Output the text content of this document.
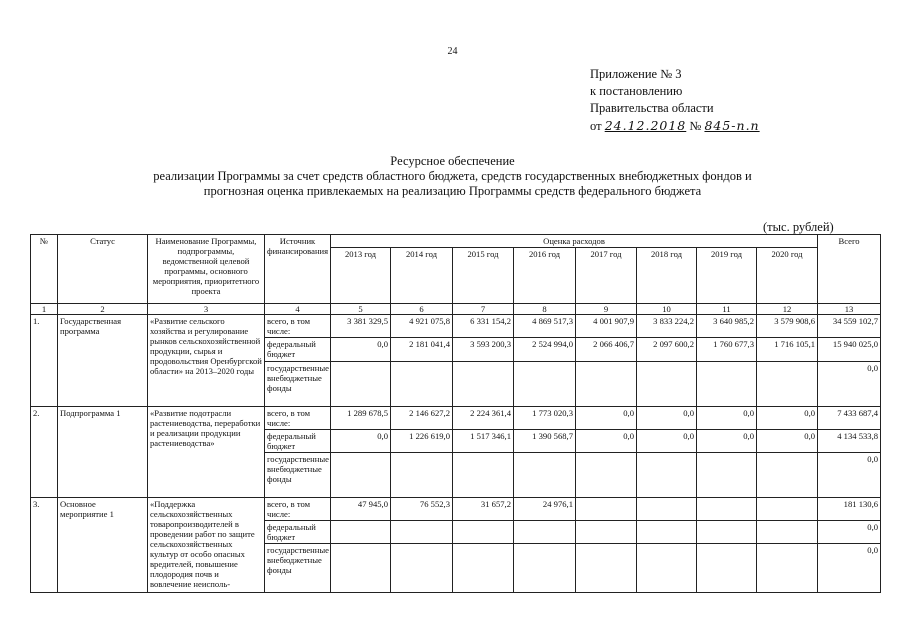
24
Приложение № 3
к постановлению
Правительства области
от 24.12.2018 № 845-п.п
Ресурсное обеспечение
реализации Программы за счет средств областного бюджета, средств государственных внебюджетных фондов и
прогнозная оценка привлекаемых на реализацию Программы средств федерального бюджета
(тыс. рублей)
№	Статус	Наименование Программы, подпрограммы, ведомственной целевой программы, основного мероприятия, приоритетного проекта	Источник финансирования	Оценка расходов								Всего
				2013 год	2014 год	2015 год	2016 год	2017 год	2018 год	2019 год	2020 год	
1	2	3	4	5	6	7	8	9	10	11	12	13
1.	Государственная программа	«Развитие сельского хозяйства и регулирование рынков сельскохозяйственной продукции, сырья и продовольствия Оренбургской области» на 2013–2020 годы	всего, в том числе:	3 381 329,5	4 921 075,8	6 331 154,2	4 869 517,3	4 001 907,9	3 833 224,2	3 640 985,2	3 579 908,6	34 559 102,7
			федеральный бюджет	0,0	2 181 041,4	3 593 200,3	2 524 994,0	2 066 406,7	2 097 600,2	1 760 677,3	1 716 105,1	15 940 025,0
			государственные внебюджетные фонды									0,0
2.	Подпрограмма 1	«Развитие подотрасли растениеводства, переработки и реализации продукции растениеводства»	всего, в том числе:	1 289 678,5	2 146 627,2	2 224 361,4	1 773 020,3	0,0	0,0	0,0	0,0	7 433 687,4
			федеральный бюджет	0,0	1 226 619,0	1 517 346,1	1 390 568,7	0,0	0,0	0,0	0,0	4 134 533,8
			государственные внебюджетные фонды									0,0
3.	Основное мероприятие 1	«Поддержка сельскохозяйственных товаропроизводителей в проведении работ по защите сельскохозяйственных культур от особо опасных вредителей, повышение плодородия почв и вовлечение неисполь-	всего, в том числе:	47 945,0	76 552,3	31 657,2	24 976,1					181 130,6
			федеральный бюджет									0,0
			государственные внебюджетные фонды									0,0
